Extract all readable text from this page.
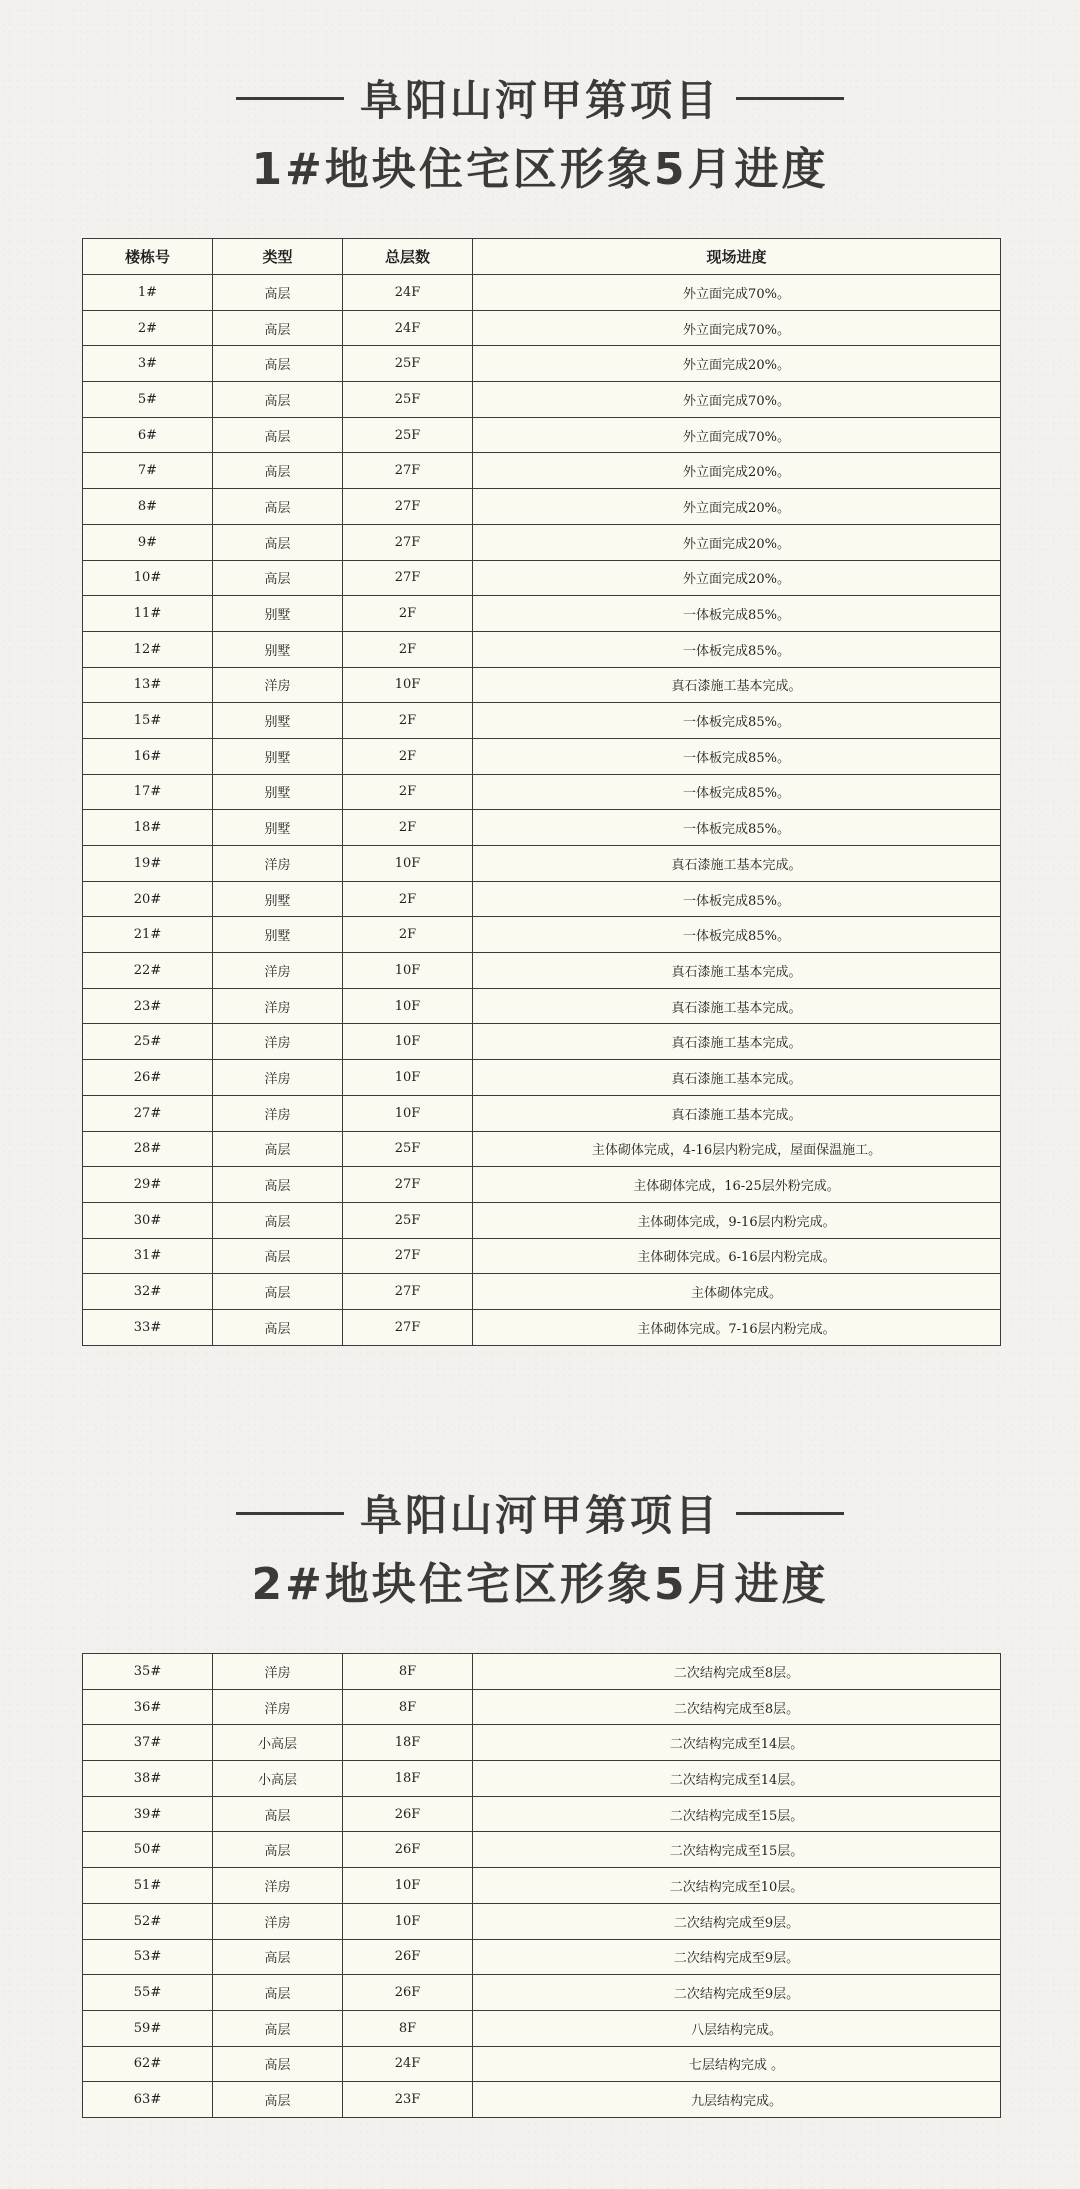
阜阳山河甲第项目
1#地块住宅区形象5月进度
楼栋号	类型	总层数	现场进度
1#	高层	24F	外立面完成70%。
2#	高层	24F	外立面完成70%。
3#	高层	25F	外立面完成20%。
5#	高层	25F	外立面完成70%。
6#	高层	25F	外立面完成70%。
7#	高层	27F	外立面完成20%。
8#	高层	27F	外立面完成20%。
9#	高层	27F	外立面完成20%。
10#	高层	27F	外立面完成20%。
11#	别墅	2F	一体板完成85%。
12#	别墅	2F	一体板完成85%。
13#	洋房	10F	真石漆施工基本完成。
15#	别墅	2F	一体板完成85%。
16#	别墅	2F	一体板完成85%。
17#	别墅	2F	一体板完成85%。
18#	别墅	2F	一体板完成85%。
19#	洋房	10F	真石漆施工基本完成。
20#	别墅	2F	一体板完成85%。
21#	别墅	2F	一体板完成85%。
22#	洋房	10F	真石漆施工基本完成。
23#	洋房	10F	真石漆施工基本完成。
25#	洋房	10F	真石漆施工基本完成。
26#	洋房	10F	真石漆施工基本完成。
27#	洋房	10F	真石漆施工基本完成。
28#	高层	25F	主体砌体完成，4-16层内粉完成，屋面保温施工。
29#	高层	27F	主体砌体完成，16-25层外粉完成。
30#	高层	25F	主体砌体完成，9-16层内粉完成。
31#	高层	27F	主体砌体完成。6-16层内粉完成。
32#	高层	27F	主体砌体完成。
33#	高层	27F	主体砌体完成。7-16层内粉完成。
阜阳山河甲第项目
2#地块住宅区形象5月进度
35#	洋房	8F	二次结构完成至8层。
36#	洋房	8F	二次结构完成至8层。
37#	小高层	18F	二次结构完成至14层。
38#	小高层	18F	二次结构完成至14层。
39#	高层	26F	二次结构完成至15层。
50#	高层	26F	二次结构完成至15层。
51#	洋房	10F	二次结构完成至10层。
52#	洋房	10F	二次结构完成至9层。
53#	高层	26F	二次结构完成至9层。
55#	高层	26F	二次结构完成至9层。
59#	高层	8F	八层结构完成。
62#	高层	24F	七层结构完成 。
63#	高层	23F	九层结构完成。
